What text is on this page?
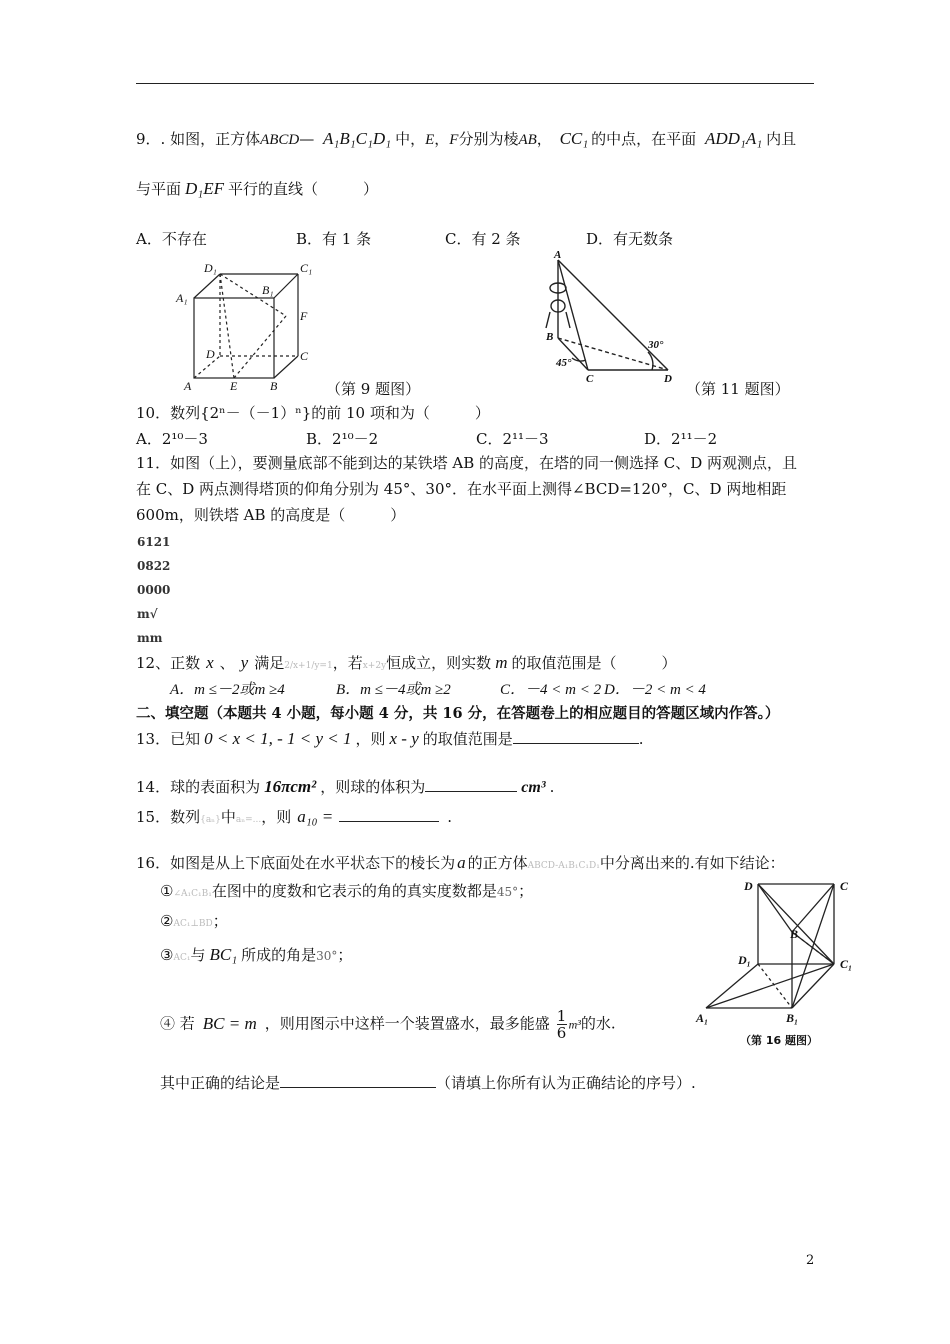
9．. 如图，正方体ABCD— A₁B₁C₁D₁ 中，E，F分别为棱AB， CC₁ 的中点，在平面 ADD₁A₁ 内且
与平面 D₁EF 平行的直线（　　　）
A．不存在	B．有 1 条	C．有 2 条	D．有无数条
D₁	C₁
A₁
B₁
F
D	C
A	E	B	（第 9 题图）
A
B
C	D
45°
30°
（第 11 题图）
10．数列{2ⁿ－（－1）ⁿ}的前 10 项和为（　　　）
A．2¹⁰－3	B．2¹⁰－2	C．2¹¹－3	D．2¹¹－2
11．如图（上），要测量底部不能到达的某铁塔 AB 的高度，在塔的同一侧选择 C、D 两观测点，且
在 C、D 两点测得塔顶的仰角分别为 45°、30°．在水平面上测得∠BCD=120°，C、D 两地相距
600m，则铁塔 AB 的高度是（　　　）
6121
0822
0000
m√
mm
12、正数 x 、 y 满足2/x+1/y=1，若x+2y恒成立，则实数 m 的取值范围是（　　　）
A．m ≤－2或m ≥4	B．m ≤－4或m ≥2	C．－4 < m < 2 D．－2 < m < 4
二、填空题（本题共 4 小题，每小题 4 分，共 16 分，在答题卷上的相应题目的答题区域内作答。）
13．已知 0 < x < 1, - 1 < y < 1 ，则 x - y 的取值范围是	.
14．球的表面积为 16πcm² ，则球的体积为	cm³ .
15．数列{aₙ}中aₙ=...，则 a₁₀ =	.
16．如图是从上下底面处在水平状态下的棱长为 a 的正方体ABCD-A₁B₁C₁D₁中分离出来的.有如下结论：
①∠A₁C₁B₁在图中的度数和它表示的角的真实度数都是45°；
②AC₁⊥BD；
③AC₁与 BC₁ 所成的角是30°；
④ 若 BC = m ，则用图示中这样一个装置盛水，最多能盛 $\frac{1}{6} m^3$的水.
其中正确的结论是	（请填上你所有认为正确结论的序号）.
D	C
B
D₁	C₁
A₁	B₁
（第 16 题图）
2
